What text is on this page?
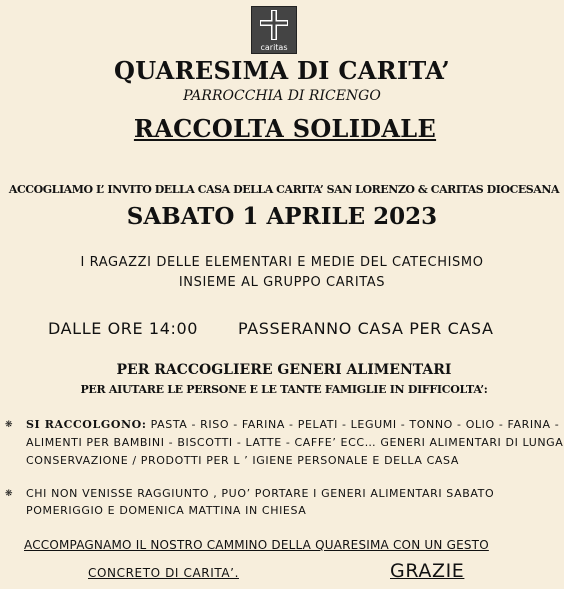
caritas
QUARESIMA DI CARITA’
PARROCCHIA DI RICENGO
RACCOLTA SOLIDALE
ACCOGLIAMO L’ INVITO DELLA CASA DELLA CARITA’ SAN LORENZO & CARITAS DIOCESANA
SABATO 1 APRILE 2023
I RAGAZZI DELLE ELEMENTARI E MEDIE DEL CATECHISMO
INSIEME AL GRUPPO CARITAS
DALLE ORE 14:00 PASSERANNO CASA PER CASA
PER RACCOGLIERE GENERI ALIMENTARI
PER AIUTARE LE PERSONE E LE TANTE FAMIGLIE IN DIFFICOLTA’:
❋ SI RACCOLGONO: PASTA - RISO - FARINA - PELATI - LEGUMI - TONNO - OLIO - FARINA -
ALIMENTI PER BAMBINI - BISCOTTI - LATTE - CAFFE’ ECC… GENERI ALIMENTARI DI LUNGA
CONSERVAZIONE / PRODOTTI PER L ’ IGIENE PERSONALE E DELLA CASA
❋ CHI NON VENISSE RAGGIUNTO , PUO’ PORTARE I GENERI ALIMENTARI SABATO
POMERIGGIO E DOMENICA MATTINA IN CHIESA
ACCOMPAGNAMO IL NOSTRO CAMMINO DELLA QUARESIMA CON UN GESTO
CONCRETO DI CARITA’.	GRAZIE
